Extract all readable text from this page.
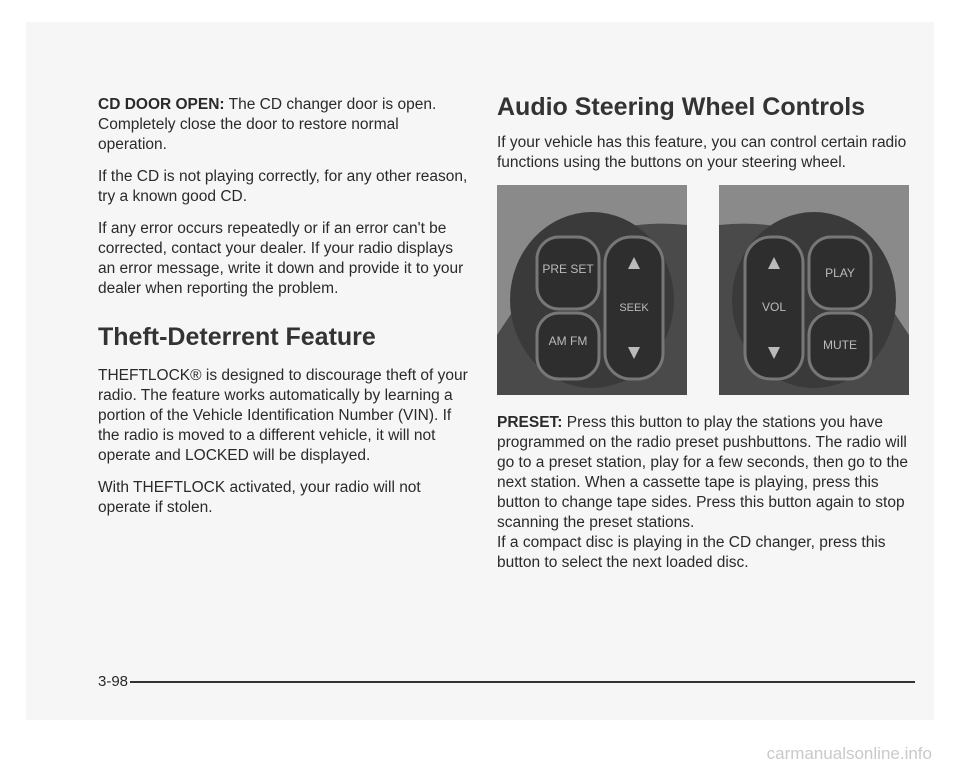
CD DOOR OPEN: The CD changer door is open. Completely close the door to restore normal operation.

If the CD is not playing correctly, for any other reason, try a known good CD.

If any error occurs repeatedly or if an error can't be corrected, contact your dealer. If your radio displays an error message, write it down and provide it to your dealer when reporting the problem.

Theft-Deterrent Feature

THEFTLOCK® is designed to discourage theft of your radio. The feature works automatically by learning a portion of the Vehicle Identification Number (VIN). If the radio is moved to a different vehicle, it will not operate and LOCKED will be displayed.

With THEFTLOCK activated, your radio will not operate if stolen.

Audio Steering Wheel Controls

If your vehicle has this feature, you can control certain radio functions using the buttons on your steering wheel.

PRE SET
SEEK
AM FM
PLAY
VOL
MUTE

PRESET: Press this button to play the stations you have programmed on the radio preset pushbuttons. The radio will go to a preset station, play for a few seconds, then go to the next station. When a cassette tape is playing, press this button to change tape sides. Press this button again to stop scanning the preset stations.

If a compact disc is playing in the CD changer, press this button to select the next loaded disc.

3-98
carmanualsonline.info
